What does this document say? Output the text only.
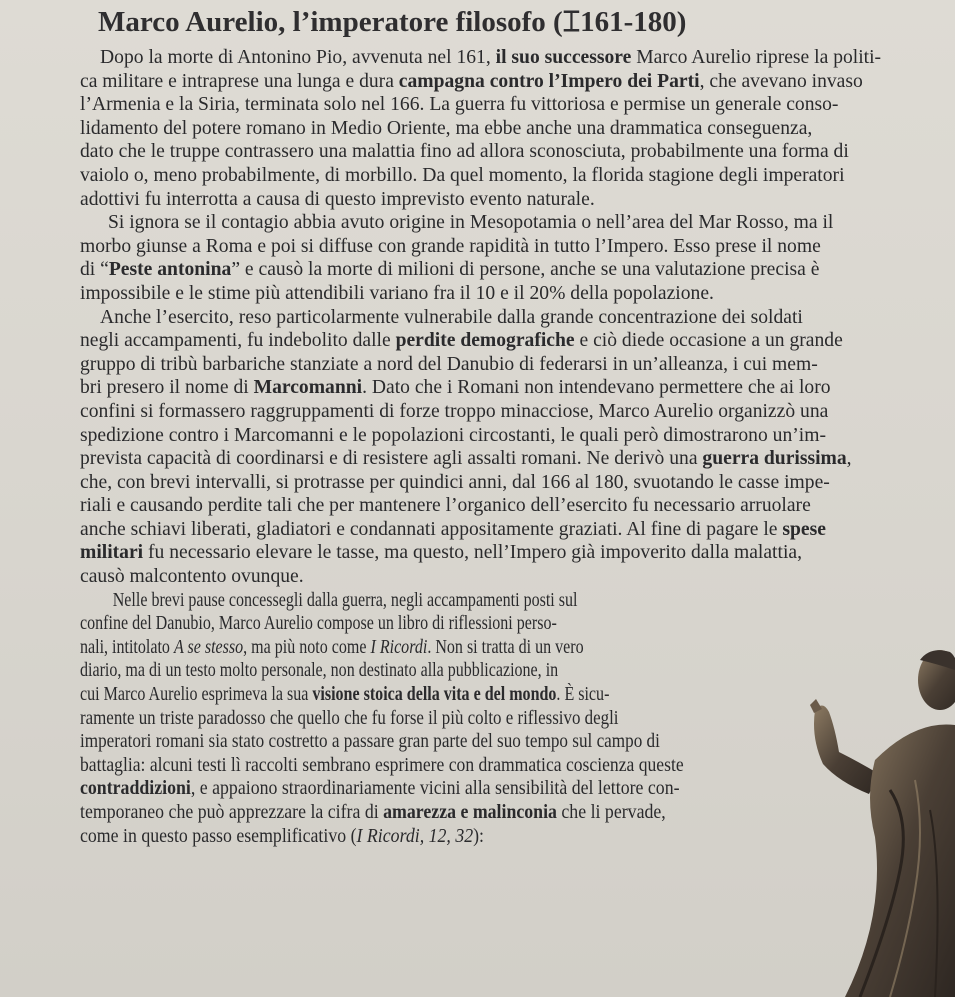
Marco Aurelio, l’imperatore filosofo (⌶161-180)
Dopo la morte di Antonino Pio, avvenuta nel 161, il suo successore Marco Aurelio riprese la politi-
ca militare e intraprese una lunga e dura campagna contro l’Impero dei Parti, che avevano invaso
l’Armenia e la Siria, terminata solo nel 166. La guerra fu vittoriosa e permise un generale conso-
lidamento del potere romano in Medio Oriente, ma ebbe anche una drammatica conseguenza,
dato che le truppe contrassero una malattia fino ad allora sconosciuta, probabilmente una forma di
vaiolo o, meno probabilmente, di morbillo. Da quel momento, la florida stagione degli imperatori
adottivi fu interrotta a causa di questo imprevisto evento naturale.
Si ignora se il contagio abbia avuto origine in Mesopotamia o nell’area del Mar Rosso, ma il
morbo giunse a Roma e poi si diffuse con grande rapidità in tutto l’Impero. Esso prese il nome
di “Peste antonina” e causò la morte di milioni di persone, anche se una valutazione precisa è
impossibile e le stime più attendibili variano fra il 10 e il 20% della popolazione.
Anche l’esercito, reso particolarmente vulnerabile dalla grande concentrazione dei soldati
negli accampamenti, fu indebolito dalle perdite demografiche e ciò diede occasione a un grande
gruppo di tribù barbariche stanziate a nord del Danubio di federarsi in un’alleanza, i cui mem-
bri presero il nome di Marcomanni. Dato che i Romani non intendevano permettere che ai loro
confini si formassero raggruppamenti di forze troppo minacciose, Marco Aurelio organizzò una
spedizione contro i Marcomanni e le popolazioni circostanti, le quali però dimostrarono un’im-
prevista capacità di coordinarsi e di resistere agli assalti romani. Ne derivò una guerra durissima,
che, con brevi intervalli, si protrasse per quindici anni, dal 166 al 180, svuotando le casse impe-
riali e causando perdite tali che per mantenere l’organico dell’esercito fu necessario arruolare
anche schiavi liberati, gladiatori e condannati appositamente graziati. Al fine di pagare le spese
militari fu necessario elevare le tasse, ma questo, nell’Impero già impoverito dalla malattia,
causò malcontento ovunque.
Nelle brevi pause concessegli dalla guerra, negli accampamenti posti sul
confine del Danubio, Marco Aurelio compose un libro di riflessioni perso-
nali, intitolato A se stesso, ma più noto come I Ricordi. Non si tratta di un vero
diario, ma di un testo molto personale, non destinato alla pubblicazione, in
cui Marco Aurelio esprimeva la sua visione stoica della vita e del mondo. È sicu-
ramente un triste paradosso che quello che fu forse il più colto e riflessivo degli
imperatori romani sia stato costretto a passare gran parte del suo tempo sul campo di
battaglia: alcuni testi lì raccolti sembrano esprimere con drammatica coscienza queste
contraddizioni, e appaiono straordinariamente vicini alla sensibilità del lettore con-
temporaneo che può apprezzare la cifra di amarezza e malinconia che li pervade,
come in questo passo esemplificativo (I Ricordi, 12, 32):
